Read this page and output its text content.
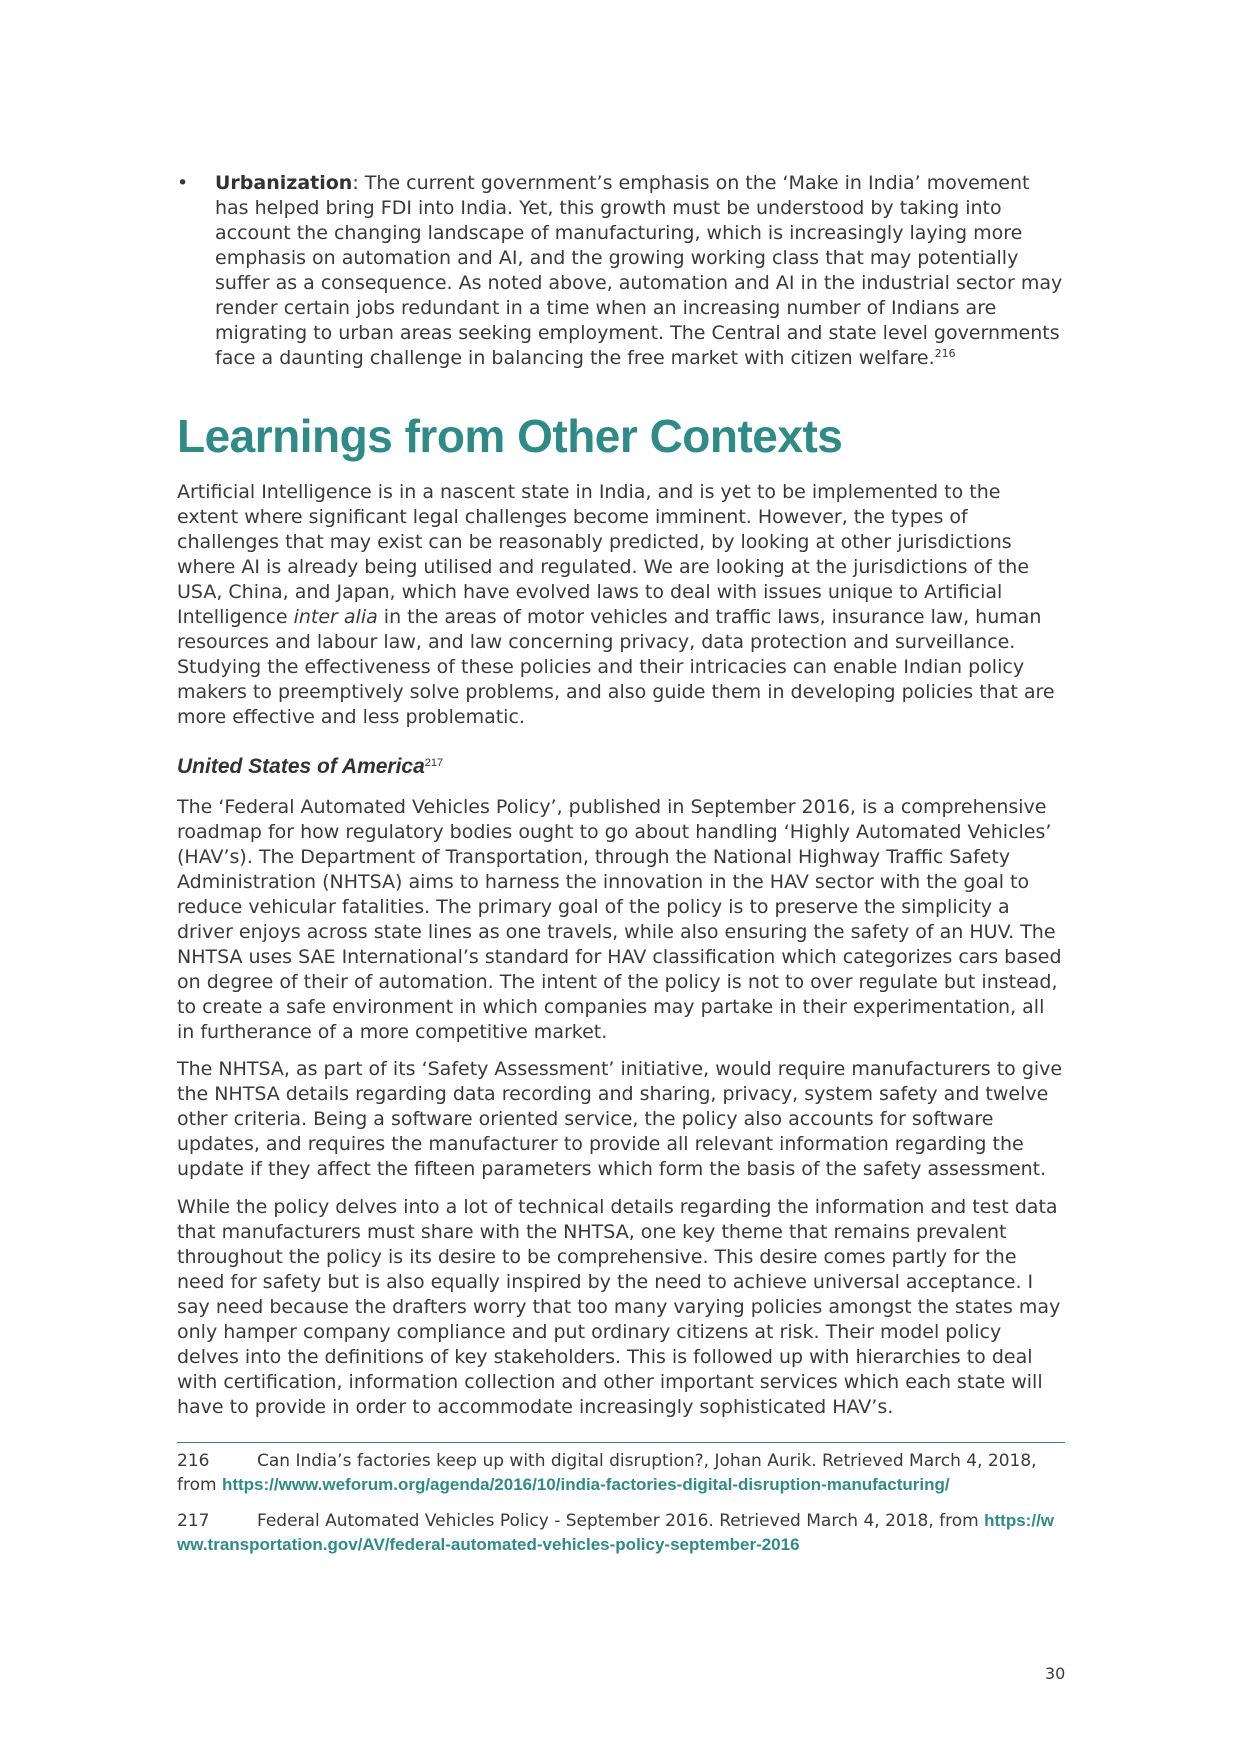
• Urbanization: The current government’s emphasis on the ‘Make in India’ movement has helped bring FDI into India. Yet, this growth must be understood by taking into account the changing landscape of manufacturing, which is increasingly laying more emphasis on automation and AI, and the growing working class that may potentially suffer as a consequence. As noted above, automation and AI in the industrial sector may render certain jobs redundant in a time when an increasing number of Indians are migrating to urban areas seeking employment. The Central and state level governments face a daunting challenge in balancing the free market with citizen welfare.$^{216}$
Learnings from Other Contexts

Artificial Intelligence is in a nascent state in India, and is yet to be implemented to the extent where significant legal challenges become imminent. However, the types of challenges that may exist can be reasonably predicted, by looking at other jurisdictions where AI is already being utilised and regulated. We are looking at the jurisdictions of the USA, China, and Japan, which have evolved laws to deal with issues unique to Artificial Intelligence inter alia in the areas of motor vehicles and traffic laws, insurance law, human resources and labour law, and law concerning privacy, data protection and surveillance. Studying the effectiveness of these policies and their intricacies can enable Indian policy makers to preemptively solve problems, and also guide them in developing policies that are more effective and less problematic.

United States of America$^{217}$

The ‘Federal Automated Vehicles Policy’, published in September 2016, is a comprehensive roadmap for how regulatory bodies ought to go about handling ‘Highly Automated Vehicles’ (HAV’s). The Department of Transportation, through the National Highway Traffic Safety Administration (NHTSA) aims to harness the innovation in the HAV sector with the goal to reduce vehicular fatalities. The primary goal of the policy is to preserve the simplicity a driver enjoys across state lines as one travels, while also ensuring the safety of an HUV. The NHTSA uses SAE International’s standard for HAV classification which categorizes cars based on degree of their of automation. The intent of the policy is not to over regulate but instead, to create a safe environment in which companies may partake in their experimentation, all in furtherance of a more competitive market.

The NHTSA, as part of its ‘Safety Assessment’ initiative, would require manufacturers to give the NHTSA details regarding data recording and sharing, privacy, system safety and twelve other criteria. Being a software oriented service, the policy also accounts for software updates, and requires the manufacturer to provide all relevant information regarding the update if they affect the fifteen parameters which form the basis of the safety assessment.

While the policy delves into a lot of technical details regarding the information and test data that manufacturers must share with the NHTSA, one key theme that remains prevalent throughout the policy is its desire to be comprehensive. This desire comes partly for the need for safety but is also equally inspired by the need to achieve universal acceptance. I say need because the drafters worry that too many varying policies amongst the states may only hamper company compliance and put ordinary citizens at risk. Their model policy delves into the definitions of key stakeholders. This is followed up with hierarchies to deal with certification, information collection and other important services which each state will have to provide in order to accommodate increasingly sophisticated HAV’s.

216	Can India’s factories keep up with digital disruption?, Johan Aurik. Retrieved March 4, 2018, from https://www.weforum.org/agenda/2016/10/india-factories-digital-disruption-manufacturing/
217	Federal Automated Vehicles Policy - September 2016. Retrieved March 4, 2018, from https://www.transportation.gov/AV/federal-automated-vehicles-policy-september-2016
30
